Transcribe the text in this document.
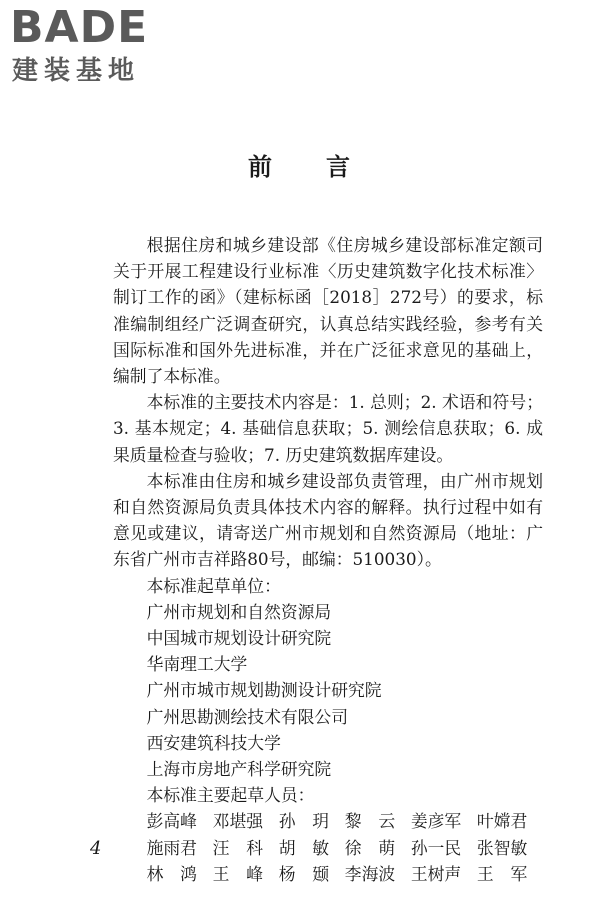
BADE
建装基地
前 言

根据住房和城乡建设部《住房城乡建设部标准定额司关于开展工程建设行业标准〈历史建筑数字化技术标准〉制订工作的函》（建标标函［2018］272号）的要求，标准编制组经广泛调查研究，认真总结实践经验，参考有关国际标准和国外先进标准，并在广泛征求意见的基础上，编制了本标准。

本标准的主要技术内容是：1. 总则；2. 术语和符号；3. 基本规定；4. 基础信息获取；5. 测绘信息获取；6. 成果质量检查与验收；7. 历史建筑数据库建设。

本标准由住房和城乡建设部负责管理，由广州市规划和自然资源局负责具体技术内容的解释。执行过程中如有意见或建议，请寄送广州市规划和自然资源局（地址：广东省广州市吉祥路80号，邮编：510030）。

本标准起草单位：

广州市规划和自然资源局

中国城市规划设计研究院

华南理工大学

广州市城市规划勘测设计研究院

广州思勘测绘技术有限公司

西安建筑科技大学

上海市房地产科学研究院

本标准主要起草人员：

彭高峰 邓堪强 孙　玥 黎　云 姜彦军 叶嫦君
施雨君 汪　科 胡　敏 徐　萌 孙一民 张智敏
林　鸿 王　峰 杨　颋 李海波 王树声 王　军
4
